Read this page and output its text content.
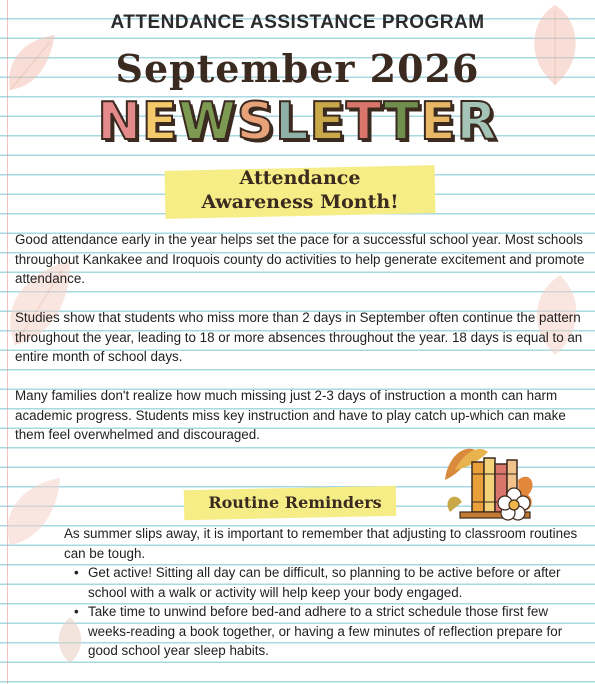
ATTENDANCE ASSISTANCE PROGRAM
September 2026
NEWSLETTER
Attendance
Awareness Month!

Good attendance early in the year helps set the pace for a successful school year. Most schools throughout Kankakee and Iroquois county do activities to help generate excitement and promote attendance.

Studies show that students who miss more than 2 days in September often continue the pattern throughout the year, leading to 18 or more absences throughout the year. 18 days is equal to an entire month of school days.

Many families don't realize how much missing just 2-3 days of instruction a month can harm academic progress. Students miss key instruction and have to play catch up-which can make them feel overwhelmed and discouraged.

Routine Reminders
As summer slips away, it is important to remember that adjusting to classroom routines can be tough.
• Get active! Sitting all day can be difficult, so planning to be active before or after school with a walk or activity will help keep your body engaged.
• Take time to unwind before bed-and adhere to a strict schedule those first few weeks-reading a book together, or having a few minutes of reflection prepare for good school year sleep habits.
